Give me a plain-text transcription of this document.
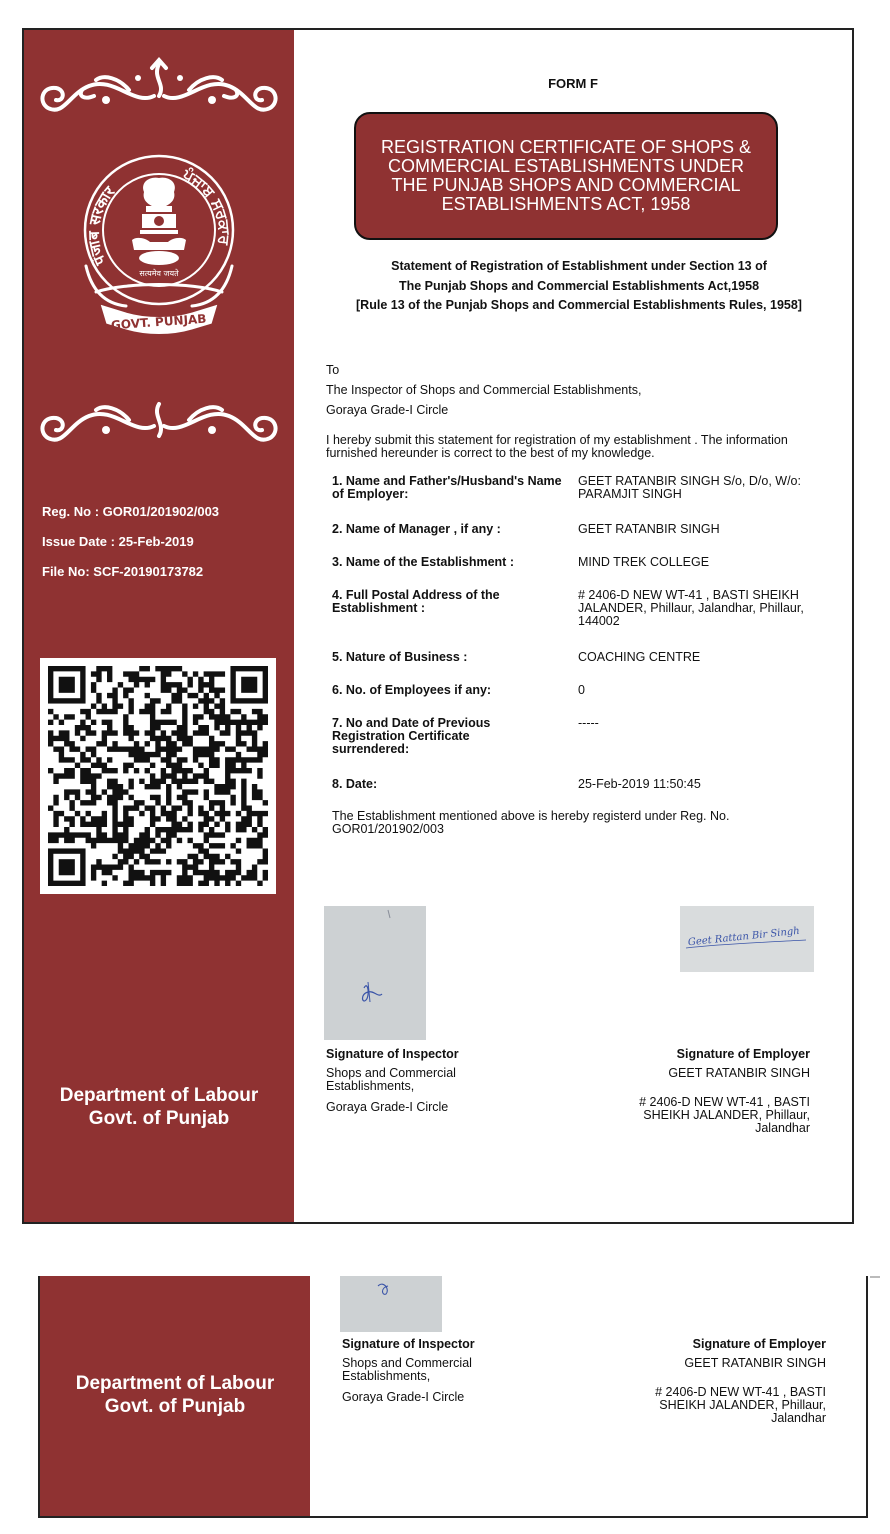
पंजाब सरकार
ਪੰਜਾਬ ਸਰਕਾਰ
सत्यमेव जयते
GOVT. PUNJAB
Reg. No : GOR01/201902/003
Issue Date : 25-Feb-2019
File No: SCF-20190173782
Department of Labour
Govt. of Punjab
FORM F
REGISTRATION CERTIFICATE OF SHOPS & COMMERCIAL ESTABLISHMENTS UNDER THE PUNJAB SHOPS AND COMMERCIAL ESTABLISHMENTS ACT, 1958
Statement of Registration of Establishment under Section 13 of
The Punjab Shops and Commercial Establishments Act,1958
[Rule 13 of the Punjab Shops and Commercial Establishments Rules, 1958]
To
The Inspector of Shops and Commercial Establishments,
Goraya Grade-I Circle
I hereby submit this statement for registration of my establishment . The information furnished hereunder is correct to the best of my knowledge.
1. Name and Father's/Husband's Name of Employer:
GEET RATANBIR SINGH S/o, D/o, W/o: PARAMJIT SINGH
2. Name of Manager , if any :	GEET RATANBIR SINGH
3. Name of the Establishment :	MIND TREK COLLEGE
4. Full Postal Address of the Establishment :
# 2406-D NEW WT-41 , BASTI SHEIKH JALANDER, Phillaur, Jalandhar, Phillaur, 144002
5. Nature of Business :	COACHING CENTRE
6. No. of Employees if any:	0
7. No and Date of Previous Registration Certificate surrendered:
-----
8. Date:	25-Feb-2019 11:50:45
The Establishment mentioned above is hereby registerd under Reg. No. GOR01/201902/003
Geet Rattan Bir Singh
Signature of Inspector
Shops and Commercial Establishments,
Goraya Grade-I Circle
Signature of Employer
GEET RATANBIR SINGH
# 2406-D NEW WT-41 , BASTI SHEIKH JALANDER, Phillaur, Jalandhar
Department of Labour
Govt. of Punjab
Signature of Inspector
Shops and Commercial Establishments,
Goraya Grade-I Circle
Signature of Employer
GEET RATANBIR SINGH
# 2406-D NEW WT-41 , BASTI SHEIKH JALANDER, Phillaur, Jalandhar
